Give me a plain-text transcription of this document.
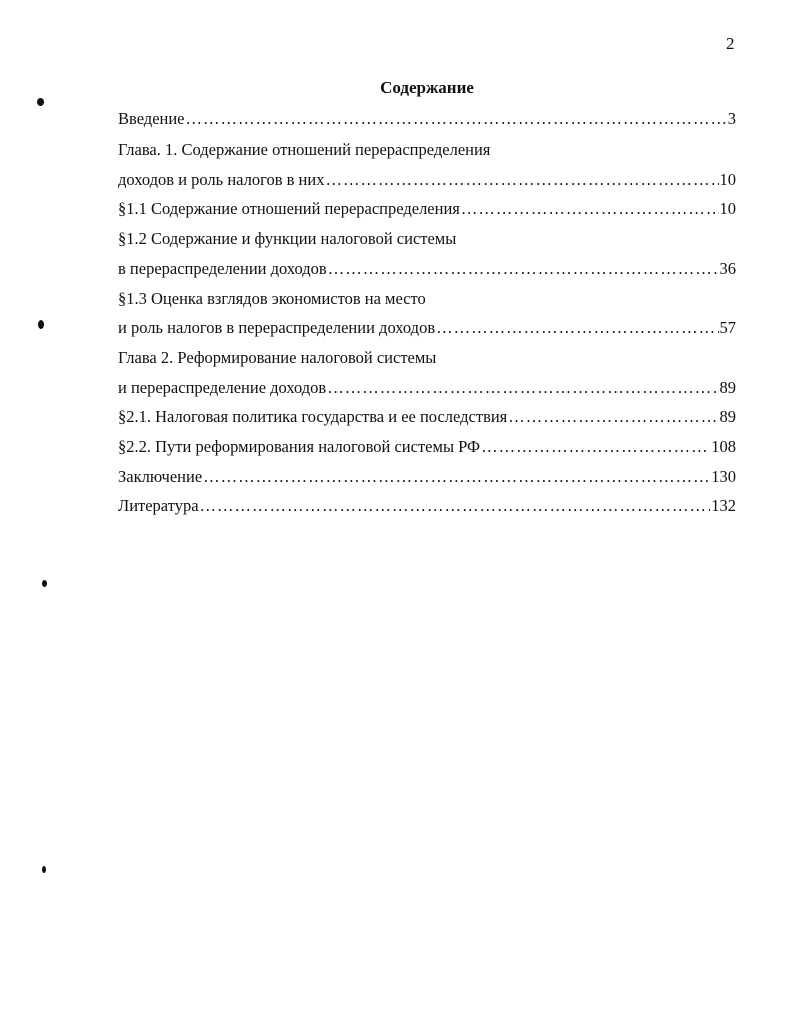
2
Содержание
Введение ……………………………………………………………………………………………………………………………………………………………………………………………………	3
Глава. 1. Содержание отношений перераспределения
доходов и роль налогов в них ……………………………………………………………………………………………………………………………………………………………………………………………………	10
§1.1 Содержание отношений перераспределения ……………………………………………………………………………………………………………………………………………………………………………………………………	10
§1.2 Содержание и функции налоговой системы
в перераспределении доходов ……………………………………………………………………………………………………………………………………………………………………………………………………	36
§1.3 Оценка взглядов экономистов на место
и роль налогов в перераспределении доходов ……………………………………………………………………………………………………………………………………………………………………………………………………	57
Глава 2. Реформирование налоговой системы
и перераспределение доходов ……………………………………………………………………………………………………………………………………………………………………………………………………	89
§2.1. Налоговая политика государства и ее последствия ……………………………………………………………………………………………………………………………………………………………………………………………………	89
§2.2. Пути реформирования налоговой системы РФ ……………………………………………………………………………………………………………………………………………………………………………………………………	108
Заключение ……………………………………………………………………………………………………………………………………………………………………………………………………	130
Литература ……………………………………………………………………………………………………………………………………………………………………………………………………	132
